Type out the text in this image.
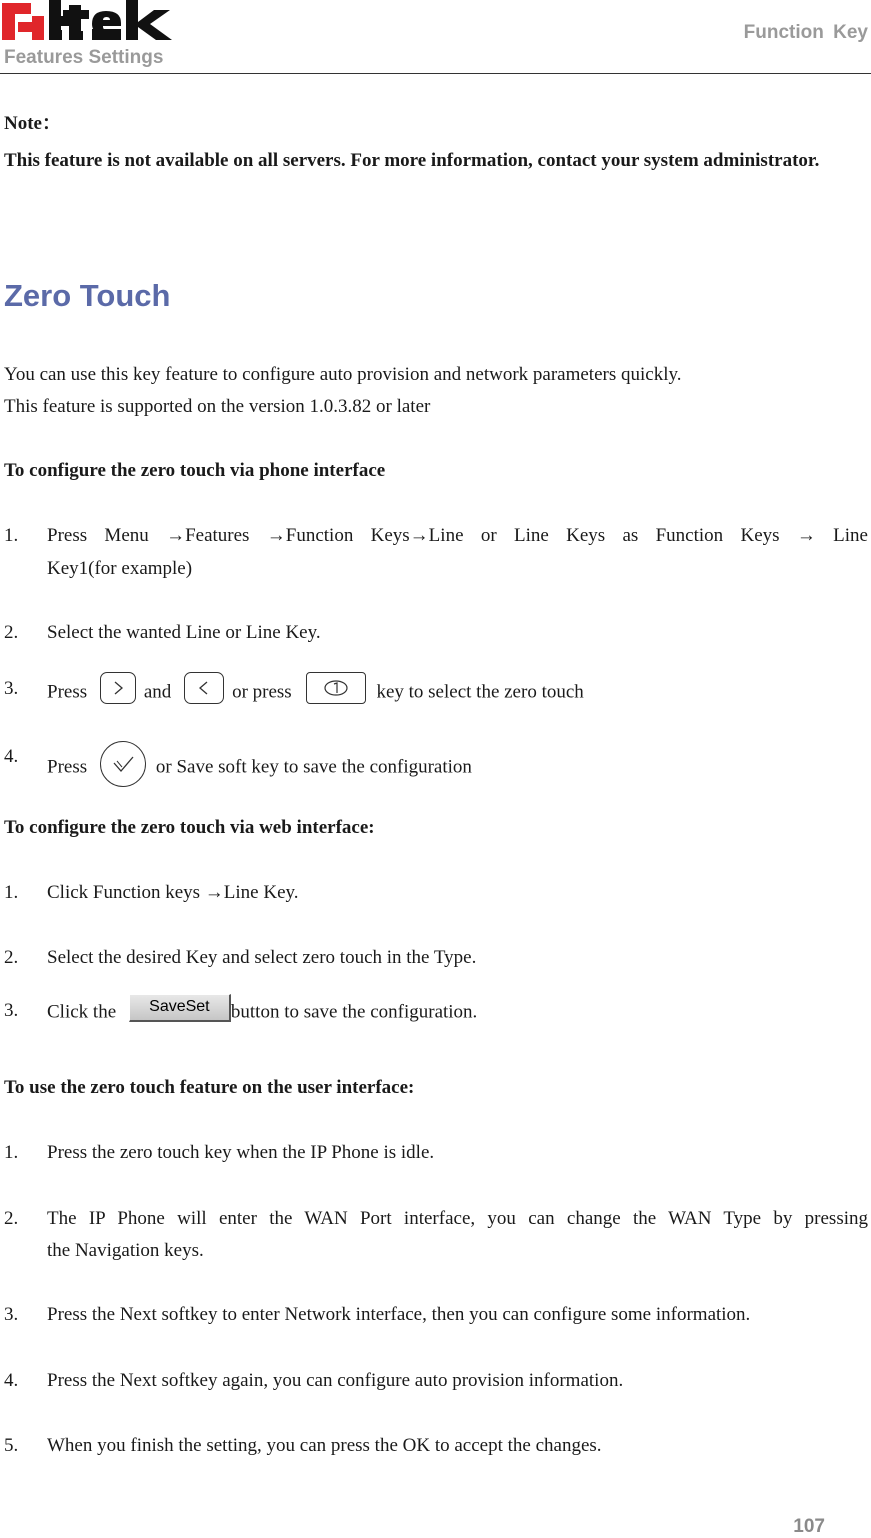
Features Settings
Function Key
Note：
This feature is not available on all servers. For more information, contact your system administrator.
Zero Touch
You can use this key feature to configure auto provision and network parameters quickly.
This feature is supported on the version 1.0.3.82 or later
To configure the zero touch via phone interface
1. Press Menu →Features →Function Keys→Line or Line Keys as Function Keys → Line
Key1(for example)
2. Select the wanted Line or Line Key.
3. Press	and	or press	key to select the zero touch
4. Press	or Save soft key to save the configuration
To configure the zero touch via web interface:
1. Click Function keys →Line Key.
2. Select the desired Key and select zero touch in the Type.
3. Click the SaveSet button to save the configuration.
To use the zero touch feature on the user interface:
1. Press the zero touch key when the IP Phone is idle.
2. The IP Phone will enter the WAN Port interface, you can change the WAN Type by pressing
the Navigation keys.
3. Press the Next softkey to enter Network interface, then you can configure some information.
4. Press the Next softkey again, you can configure auto provision information.
5. When you finish the setting, you can press the OK to accept the changes.
107
